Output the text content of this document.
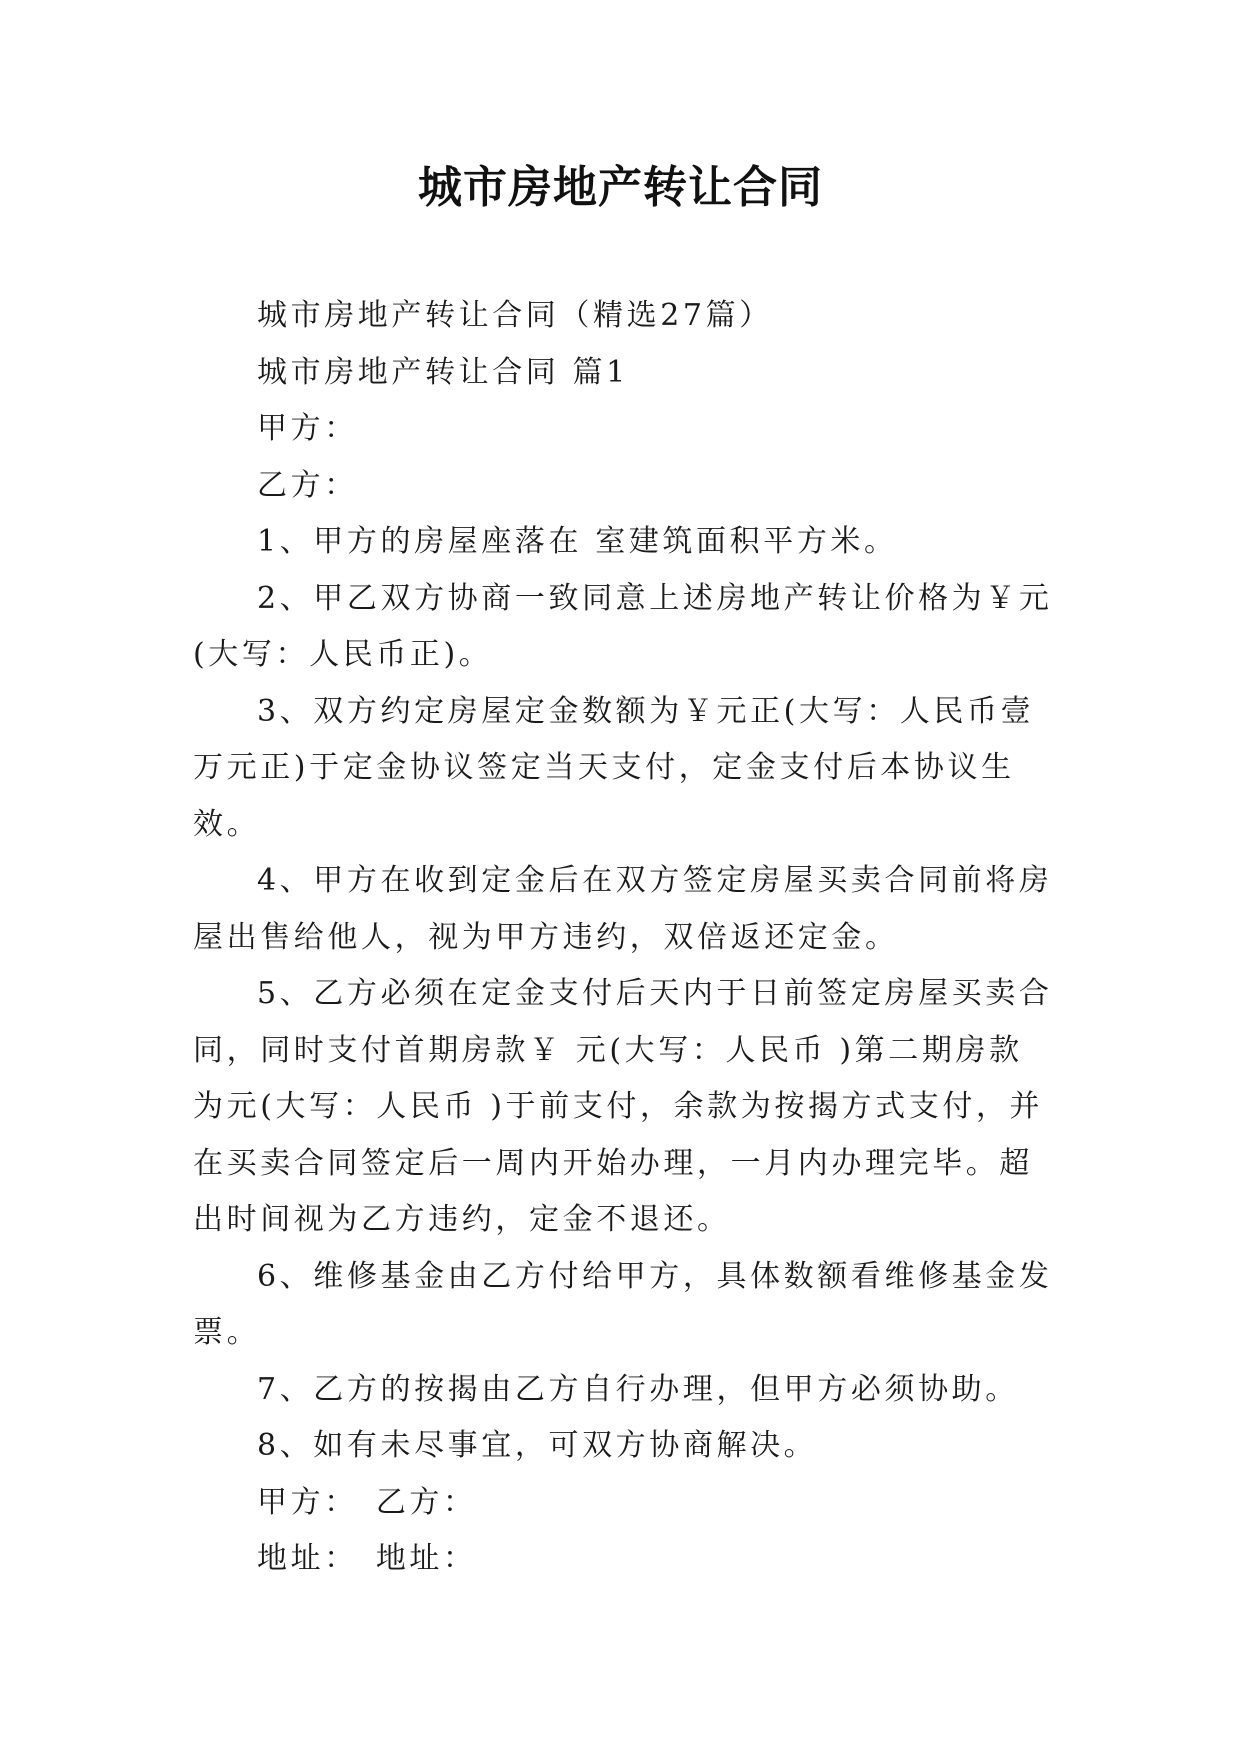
城市房地产转让合同

城市房地产转让合同（精选27篇）

城市房地产转让合同 篇1

甲方：

乙方：

1、甲方的房屋座落在 室建筑面积平方米。

2、甲乙双方协商一致同意上述房地产转让价格为￥元(大写：人民币正)。

3、双方约定房屋定金数额为￥元正(大写：人民币壹万元正)于定金协议签定当天支付，定金支付后本协议生效。

4、甲方在收到定金后在双方签定房屋买卖合同前将房屋出售给他人，视为甲方违约，双倍返还定金。

5、乙方必须在定金支付后天内于日前签定房屋买卖合同，同时支付首期房款￥ 元(大写：人民币 )第二期房款为元(大写：人民币 )于前支付，余款为按揭方式支付，并在买卖合同签定后一周内开始办理，一月内办理完毕。超出时间视为乙方违约，定金不退还。

6、维修基金由乙方付给甲方，具体数额看维修基金发票。

7、乙方的按揭由乙方自行办理，但甲方必须协助。

8、如有未尽事宜，可双方协商解决。

甲方： 乙方：
地址： 地址：
